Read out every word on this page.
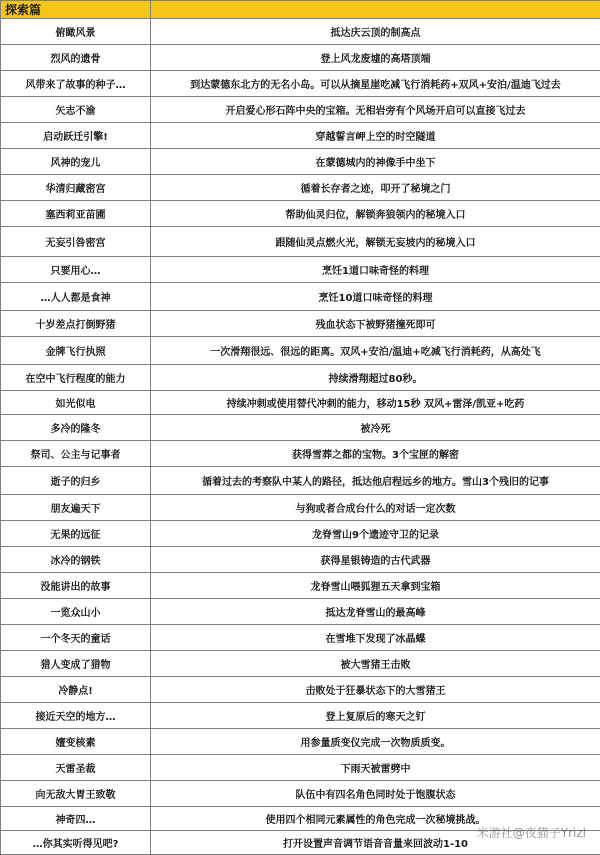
探索篇	
俯瞰风景	抵达庆云顶的制高点
烈风的遗骨	登上风龙废墟的高塔顶端
风带来了故事的种子…	到达蒙德东北方的无名小岛。可以从摘星崖吃减飞行消耗药+双风+安泊/温迪飞过去
矢志不渝	开启爱心形石阵中央的宝箱。无相岩旁有个风场开启可以直接飞过去
启动跃迁引擎!	穿越誓言岬上空的时空隧道
风神的宠儿	在蒙德城内的神像手中坐下
华清归藏密宫	循着长存者之迹，叩开了秘境之门
塞西莉亚苗圃	帮助仙灵归位，解锁奔狼领内的秘境入口
无妄引咎密宫	跟随仙灵点燃火光，解锁无妄坡内的秘境入口
只要用心…	烹饪1道口味奇怪的料理
…人人都是食神	烹饪10道口味奇怪的料理
十岁差点打倒野猪	残血状态下被野猪撞死即可
金牌飞行执照	一次滑翔很远、很远的距离。双风+安泊/温迪+吃减飞行消耗药，从高处飞
在空中飞行程度的能力	持续滑翔超过80秒。
如光似电	持续冲刺或使用替代冲刺的能力，移动15秒 双风+雷泽/凯亚+吃药
多冷的隆冬	被冷死
祭司、公主与记事者	获得雪葬之都的宝物。3个宝匣的解密
逝子的归乡	循着过去的考察队中某人的路径，抵达他启程远乡的地方。雪山3个残旧的记事
朋友遍天下	与狗或者合成台什么的对话一定次数
无果的远征	龙脊雪山9个遗迹守卫的记录
冰冷的钢铁	获得星银铸造的古代武器
没能讲出的故事	龙脊雪山喂狐狸五天拿到宝箱
一览众山小	抵达龙脊雪山的最高峰
一个冬天的童话	在雪堆下发现了冰晶蝶
猎人变成了猎物	被大雪猪王击败
冷静点!	击败处于狂暴状态下的大雪猪王
接近天空的地方…	登上复原后的寒天之钉
嬗变核素	用参量质变仪完成一次物质质变。
天雷圣裁	下雨天被雷劈中
向无敌大胃王致敬	队伍中有四名角色同时处于饱腹状态
神奇四…	使用四个相同元素属性的角色完成一次秘境挑战。
…你其实听得见吧?	打开设置声音调节语音音量来回波动1-10
米游社@夜猫子Yrizl
